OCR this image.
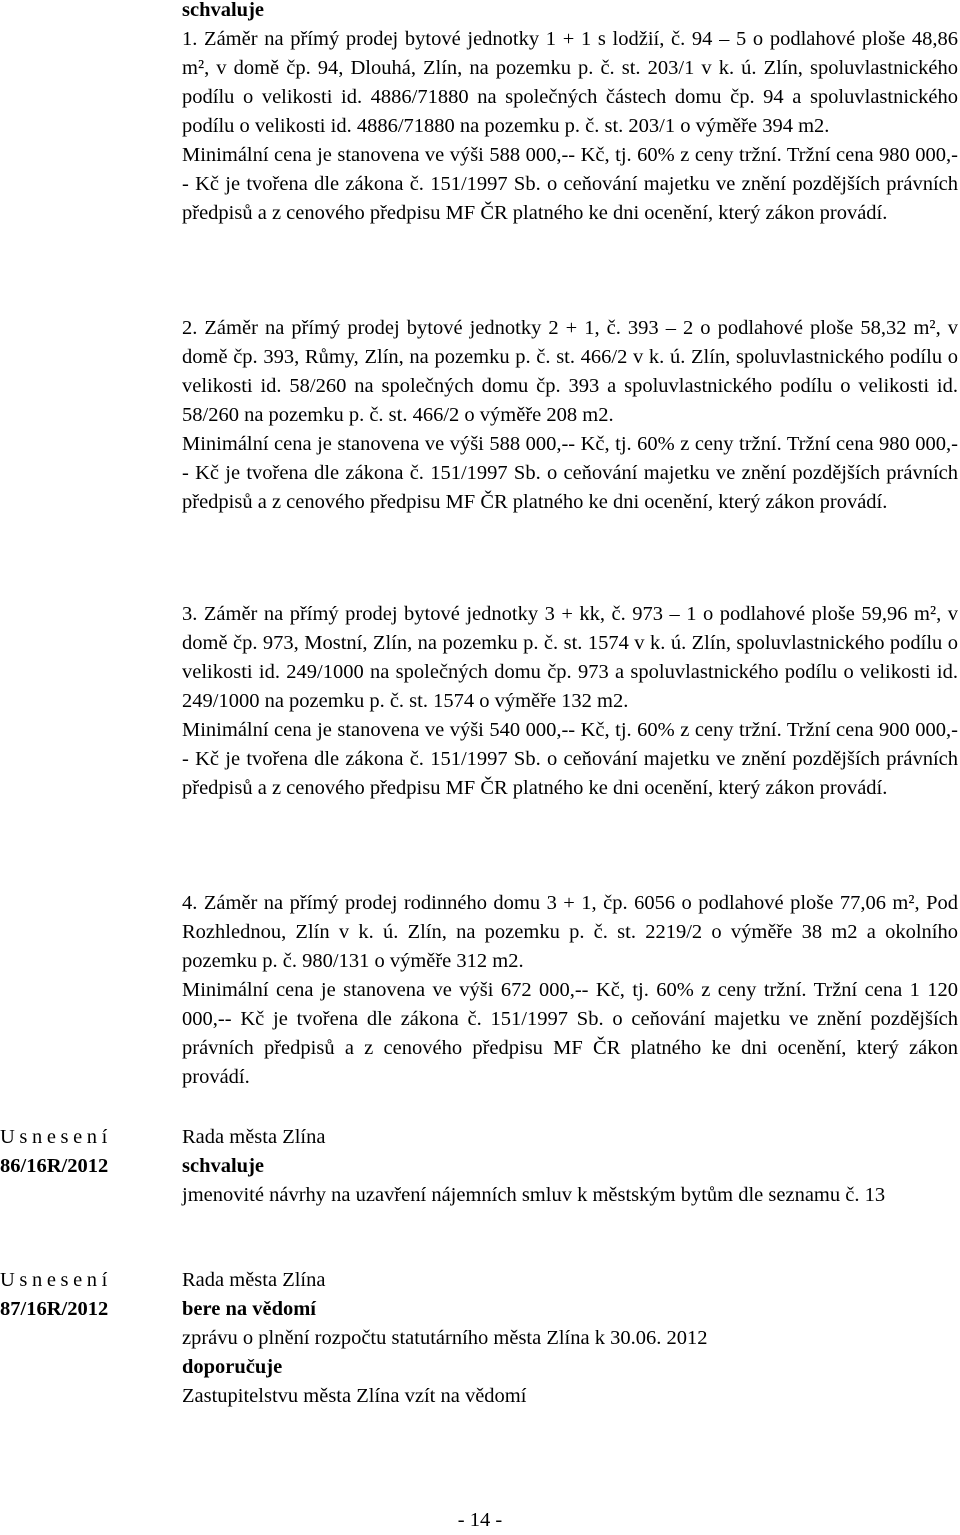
schvaluje

1. Záměr na přímý prodej bytové jednotky 1 + 1 s lodžií, č. 94 – 5 o podlahové ploše 48,86 m², v domě čp. 94, Dlouhá, Zlín, na pozemku p. č. st. 203/1 v k. ú. Zlín, spoluvlastnického podílu o velikosti id. 4886/71880 na společných částech domu čp. 94 a spoluvlastnického podílu o velikosti id. 4886/71880 na pozemku p. č. st. 203/1 o výměře 394 m2.

Minimální cena je stanovena ve výši 588 000,-- Kč, tj. 60% z ceny tržní. Tržní cena 980 000,-- Kč je tvořena dle zákona č. 151/1997 Sb. o ceňování majetku ve znění pozdějších právních předpisů a z cenového předpisu MF ČR platného ke dni ocenění, který zákon provádí.

2. Záměr na přímý prodej bytové jednotky 2 + 1, č. 393 – 2 o podlahové ploše 58,32 m², v domě čp. 393, Růmy, Zlín, na pozemku p. č. st. 466/2 v k. ú. Zlín, spoluvlastnického podílu o velikosti id. 58/260 na společných domu čp. 393 a spoluvlastnického podílu o velikosti id. 58/260 na pozemku p. č. st. 466/2 o výměře 208 m2.

Minimální cena je stanovena ve výši 588 000,-- Kč, tj. 60% z ceny tržní. Tržní cena 980 000,-- Kč je tvořena dle zákona č. 151/1997 Sb. o ceňování majetku ve znění pozdějších právních předpisů a z cenového předpisu MF ČR platného ke dni ocenění, který zákon provádí.

3. Záměr na přímý prodej bytové jednotky 3 + kk, č. 973 – 1 o podlahové ploše 59,96 m², v domě čp. 973, Mostní, Zlín, na pozemku p. č. st. 1574 v k. ú. Zlín, spoluvlastnického podílu o velikosti id. 249/1000 na společných domu čp. 973 a spoluvlastnického podílu o velikosti id. 249/1000 na pozemku p. č. st. 1574 o výměře 132 m2.

Minimální cena je stanovena ve výši 540 000,-- Kč, tj. 60% z ceny tržní. Tržní cena 900 000,-- Kč je tvořena dle zákona č. 151/1997 Sb. o ceňování majetku ve znění pozdějších právních předpisů a z cenového předpisu MF ČR platného ke dni ocenění, který zákon provádí.

4. Záměr na přímý prodej rodinného domu 3 + 1, čp. 6056 o podlahové ploše 77,06 m², Pod Rozhlednou, Zlín v k. ú. Zlín, na pozemku p. č. st. 2219/2 o výměře 38 m2 a okolního pozemku p. č. 980/131 o výměře 312 m2.

Minimální cena je stanovena ve výši 672 000,-- Kč, tj. 60% z ceny tržní. Tržní cena 1 120 000,-- Kč je tvořena dle zákona č. 151/1997 Sb. o ceňování majetku ve znění pozdějších právních předpisů a z cenového předpisu MF ČR platného ke dni ocenění, který zákon provádí.

Usnesení
86/16R/2012

Rada města Zlína

schvaluje

jmenovité návrhy na uzavření nájemních smluv k městským bytům dle seznamu č. 13

Usnesení
87/16R/2012

Rada města Zlína

bere na vědomí

zprávu o plnění rozpočtu statutárního města Zlína k 30.06. 2012

doporučuje

Zastupitelstvu města Zlína vzít na vědomí

- 14 -
